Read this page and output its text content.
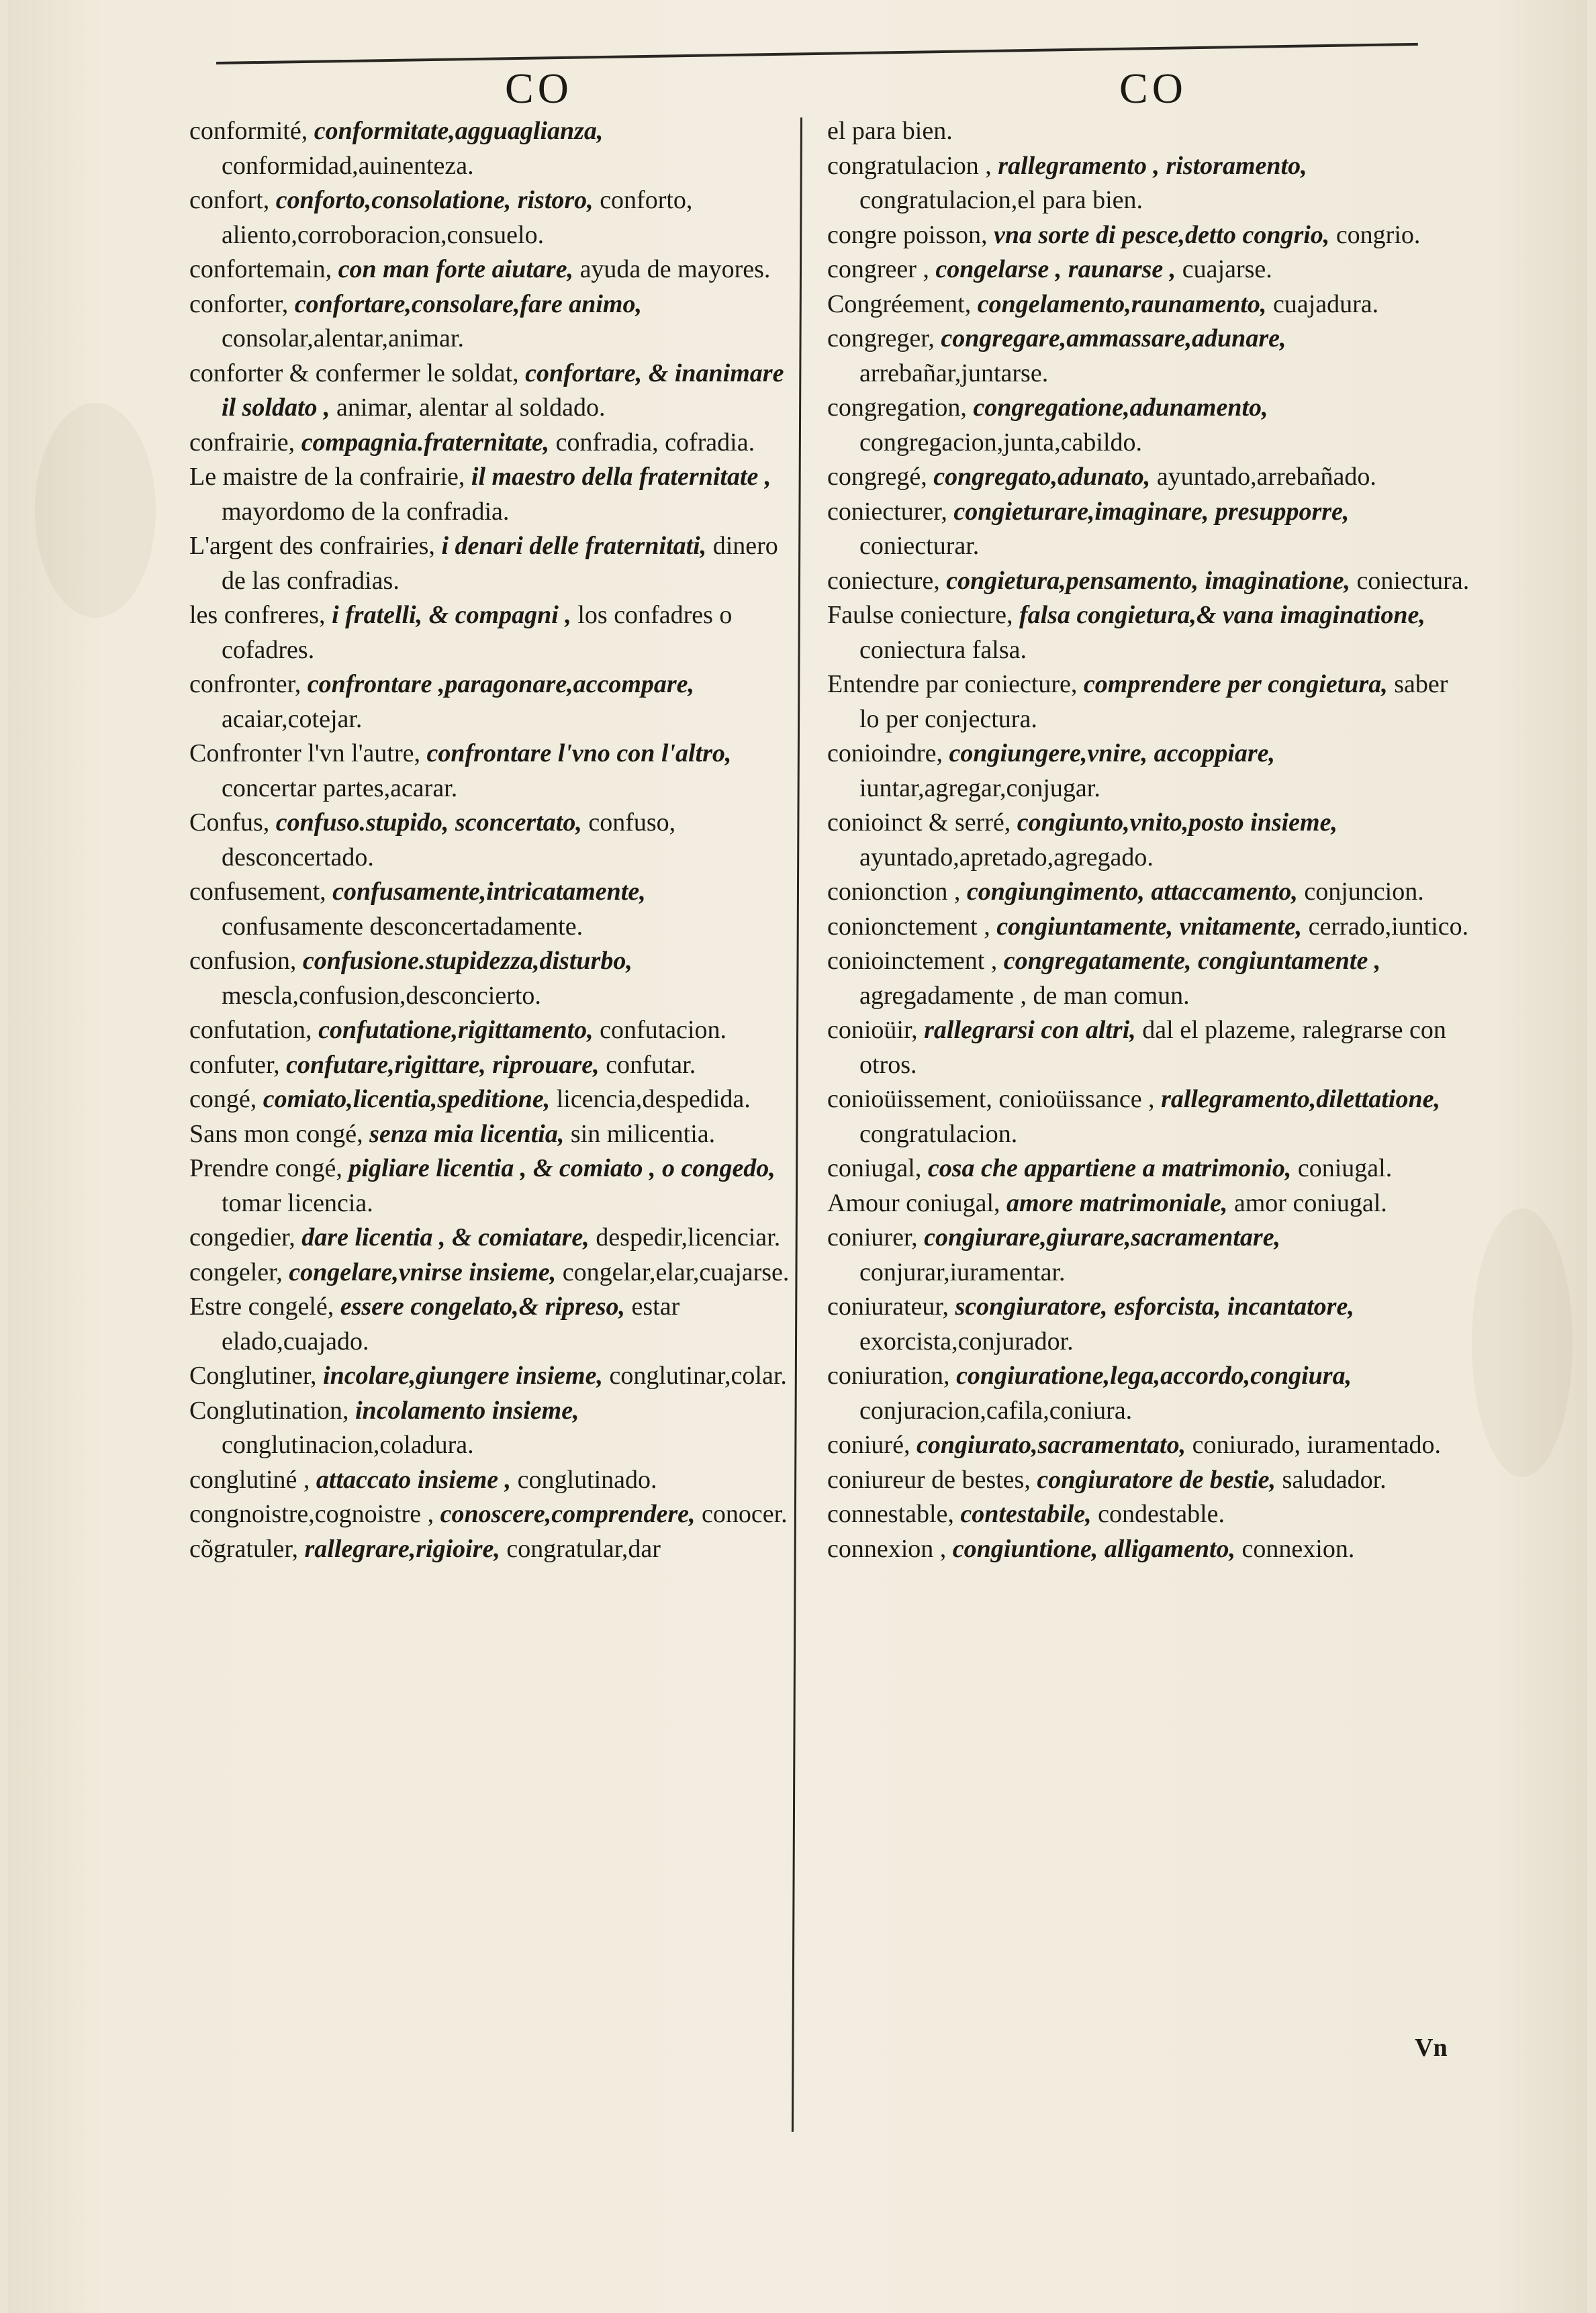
CO	CO

conformité, conformitate,agguaglianza, conformidad,auinenteza.

confort, conforto,consolatione, ristoro, conforto, aliento,corroboracion,consuelo.

confortemain, con man forte aiutare, ayuda de mayores.

conforter, confortare,consolare,fare animo, consolar,alentar,animar.

conforter & confermer le soldat, confortare, & inanimare il soldato , animar, alentar al soldado.

confrairie, compagnia.fraternitate, confradia, cofradia.

Le maistre de la confrairie, il maestro della fraternitate , mayordomo de la confradia.

L'argent des confrairies, i denari delle fraternitati, dinero de las confradias.

les confreres, i fratelli, & compagni , los confadres o cofadres.

confronter, confrontare ,paragonare,accompare, acaiar,cotejar.

Confronter l'vn l'autre, confrontare l'vno con l'altro, concertar partes,acarar.

Confus, confuso.stupido, sconcertato, confuso, desconcertado.

confusement, confusamente,intricatamente, confusamente desconcertadamente.

confusion, confusione.stupidezza,disturbo, mescla,confusion,desconcierto.

confutation, confutatione,rigittamento, confutacion.

confuter, confutare,rigittare, riprouare, confutar.

congé, comiato,licentia,speditione, licencia,despedida.

Sans mon congé, senza mia licentia, sin milicentia.

Prendre congé, pigliare licentia , & comiato , o congedo, tomar licencia.

congedier, dare licentia , & comiatare, despedir,licenciar.

congeler, congelare,vnirse insieme, congelar,elar,cuajarse.

Estre congelé, essere congelato,& ripreso, estar elado,cuajado.

Conglutiner, incolare,giungere insieme, conglutinar,colar.

Conglutination, incolamento insieme, conglutinacion,coladura.

conglutiné , attaccato insieme , conglutinado.

congnoistre,cognoistre , conoscere,comprendere, conocer.

cõgratuler, rallegrare,rigioire, congratular,dar

el para bien.

congratulacion , rallegramento , ristoramento, congratulacion,el para bien.

congre poisson, vna sorte di pesce,detto congrio, congrio.

congreer , congelarse , raunarse , cuajarse.

Congréement, congelamento,raunamento, cuajadura.

congreger, congregare,ammassare,adunare, arrebañar,juntarse.

congregation, congregatione,adunamento, congregacion,junta,cabildo.

congregé, congregato,adunato, ayuntado,arrebañado.

coniecturer, congieturare,imaginare, presupporre, coniecturar.

coniecture, congietura,pensamento, imaginatione, coniectura.

Faulse coniecture, falsa congietura,& vana imaginatione, coniectura falsa.

Entendre par coniecture, comprendere per congietura, saber lo per conjectura.

conioindre, congiungere,vnire, accoppiare, iuntar,agregar,conjugar.

conioinct & serré, congiunto,vnito,posto insieme, ayuntado,apretado,agregado.

conionction , congiungimento, attaccamento, conjuncion.

conionctement , congiuntamente, vnitamente, cerrado,iuntico.

conioinctement , congregatamente, congiuntamente , agregadamente , de man comun.

conioüir, rallegrarsi con altri, dal el plazeme, ralegrarse con otros.

conioüissement, conioüissance , rallegramento,dilettatione, congratulacion.

coniugal, cosa che appartiene a matrimonio, coniugal.

Amour coniugal, amore matrimoniale, amor coniugal.

coniurer, congiurare,giurare,sacramentare, conjurar,iuramentar.

coniurateur, scongiuratore, esforcista, incantatore, exorcista,conjurador.

coniuration, congiuratione,lega,accordo,congiura, conjuracion,cafila,coniura.

coniuré, congiurato,sacramentato, coniurado, iuramentado.

coniureur de bestes, congiuratore de bestie, saludador.

connestable, contestabile, condestable.

connexion , congiuntione, alligamento, connexion.

Vn
